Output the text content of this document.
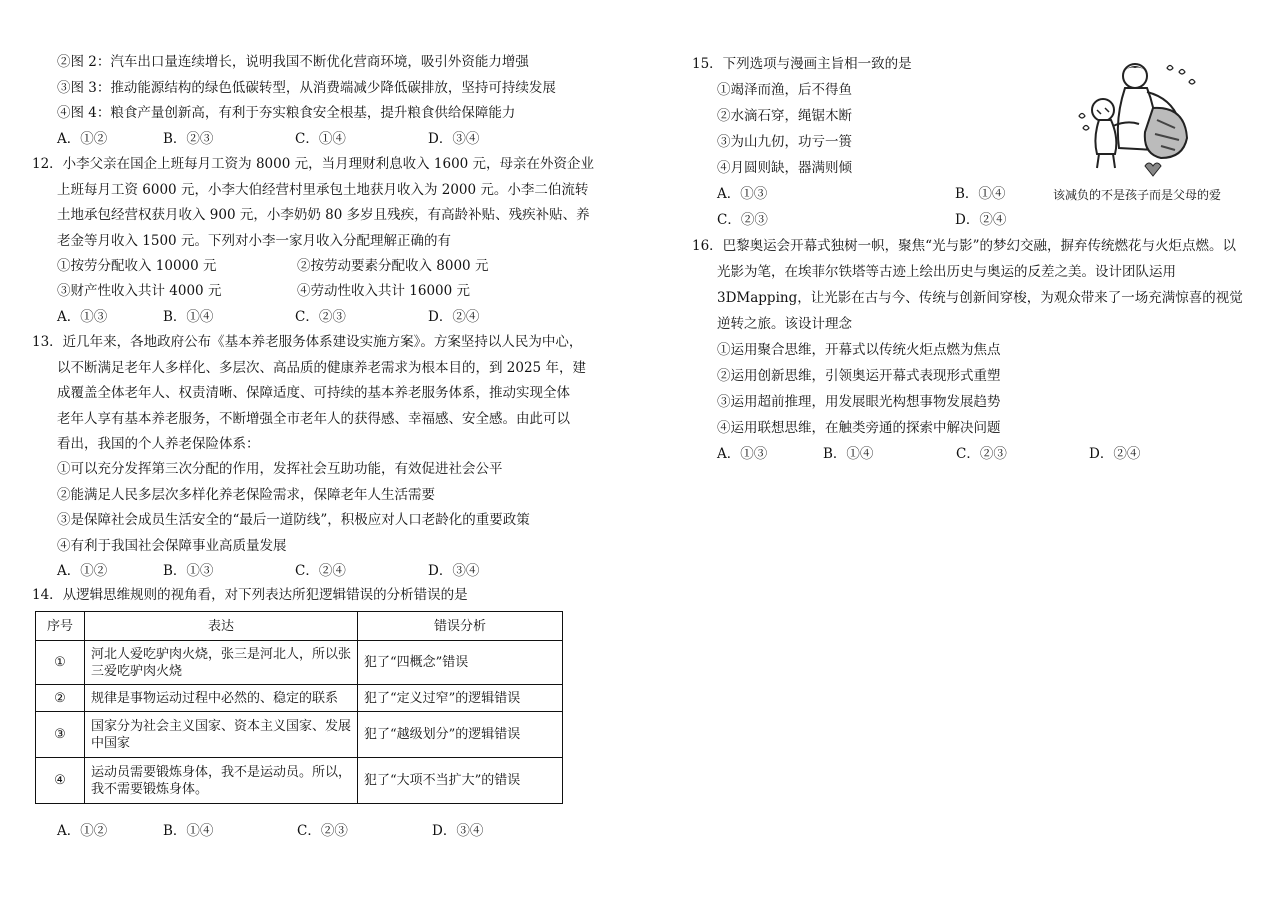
②图 2：汽车出口量连续增长，说明我国不断优化营商环境，吸引外资能力增强
③图 3：推动能源结构的绿色低碳转型，从消费端减少降低碳排放，坚持可持续发展
④图 4：粮食产量创新高，有利于夯实粮食安全根基，提升粮食供给保障能力
A．①②	B．②③	C．①④	D．③④
12．小李父亲在国企上班每月工资为 8000 元，当月理财利息收入 1600 元，母亲在外资企业
上班每月工资 6000 元，小李大伯经营村里承包土地获月收入为 2000 元。小李二伯流转
土地承包经营权获月收入 900 元，小李奶奶 80 多岁且残疾，有高龄补贴、残疾补贴、养
老金等月收入 1500 元。下列对小李一家月收入分配理解正确的有
①按劳分配收入 10000 元	②按劳动要素分配收入 8000 元
③财产性收入共计 4000 元	④劳动性收入共计 16000 元
A．①③	B．①④	C．②③	D．②④
13．近几年来，各地政府公布《基本养老服务体系建设实施方案》。方案坚持以人民为中心，
以不断满足老年人多样化、多层次、高品质的健康养老需求为根本目的，到 2025 年，建
成覆盖全体老年人、权责清晰、保障适度、可持续的基本养老服务体系，推动实现全体
老年人享有基本养老服务，不断增强全市老年人的获得感、幸福感、安全感。由此可以
看出，我国的个人养老保险体系：
①可以充分发挥第三次分配的作用，发挥社会互助功能，有效促进社会公平
②能满足人民多层次多样化养老保险需求，保障老年人生活需要
③是保障社会成员生活安全的“最后一道防线”，积极应对人口老龄化的重要政策
④有利于我国社会保障事业高质量发展
A．①②	B．①③	C．②④	D．③④
14．从逻辑思维规则的视角看，对下列表达所犯逻辑错误的分析错误的是
序号	表达	错误分析
①	河北人爱吃驴肉火烧，张三是河北人，所以张三爱吃驴肉火烧	犯了“四概念”错误
②	规律是事物运动过程中必然的、稳定的联系	犯了“定义过窄”的逻辑错误
③	国家分为社会主义国家、资本主义国家、发展中国家	犯了“越级划分”的逻辑错误
④	运动员需要锻炼身体，我不是运动员。所以，我不需要锻炼身体。	犯了“大项不当扩大”的错误
A．①②	B．①④	C．②③	D．③④
15．下列选项与漫画主旨相一致的是
①竭泽而渔，后不得鱼
②水滴石穿，绳锯木断
③为山九仞，功亏一篑
④月圆则缺，器满则倾
A．①③	B．①④
C．②③	D．②④
该减负的不是孩子而是父母的爱
16．巴黎奥运会开幕式独树一帜，聚焦“光与影”的梦幻交融，摒弃传统燃花与火炬点燃。以
光影为笔，在埃菲尔铁塔等古迹上绘出历史与奥运的反差之美。设计团队运用
3DMapping，让光影在古与今、传统与创新间穿梭，为观众带来了一场充满惊喜的视觉
逆转之旅。该设计理念
①运用聚合思维，开幕式以传统火炬点燃为焦点
②运用创新思维，引领奥运开幕式表现形式重塑
③运用超前推理，用发展眼光构想事物发展趋势
④运用联想思维，在触类旁通的探索中解决问题
A．①③	B．①④	C．②③	D．②④
